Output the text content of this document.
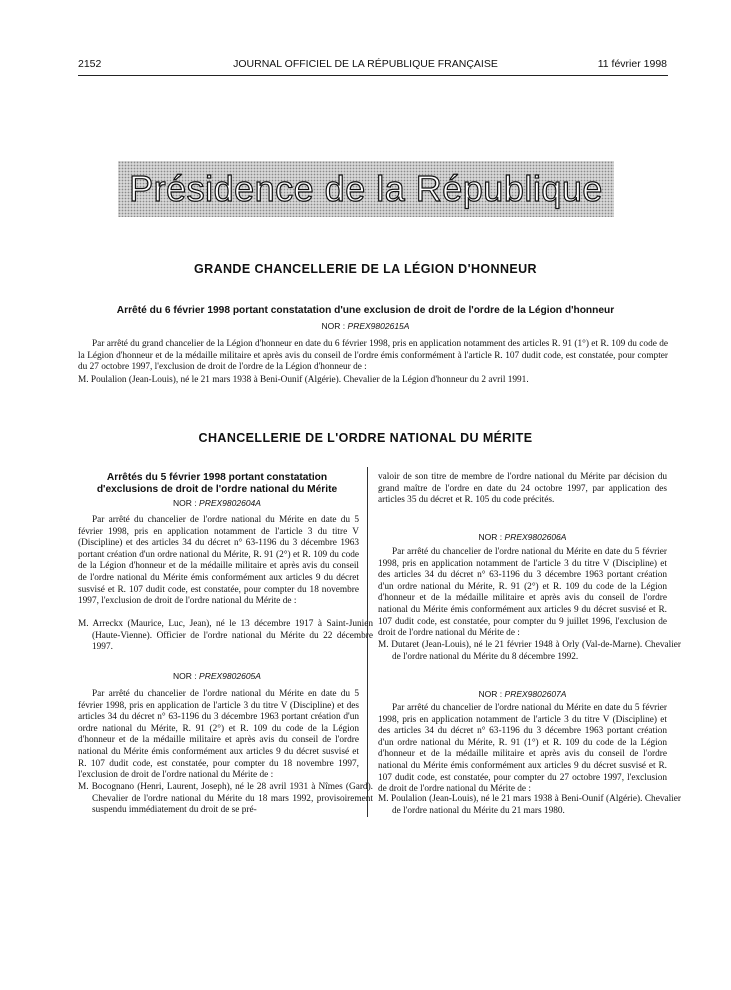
2152	JOURNAL OFFICIEL DE LA RÉPUBLIQUE FRANÇAISE	11 février 1998
Présidence de la République
GRANDE CHANCELLERIE DE LA LÉGION D'HONNEUR
Arrêté du 6 février 1998 portant constatation d'une exclusion de droit de l'ordre de la Légion d'honneur
NOR : PREX9802615A

Par arrêté du grand chancelier de la Légion d'honneur en date du 6 février 1998, pris en application notamment des articles R. 91 (1°) et R. 109 du code de la Légion d'honneur et de la médaille militaire et après avis du conseil de l'ordre émis conformément à l'article R. 107 dudit code, est constatée, pour compter du 27 octobre 1997, l'exclusion de droit de l'ordre de la Légion d'honneur de :

M. Poulalion (Jean-Louis), né le 21 mars 1938 à Beni-Ounif (Algérie). Chevalier de la Légion d'honneur du 2 avril 1991.

CHANCELLERIE DE L'ORDRE NATIONAL DU MÉRITE
Arrêtés du 5 février 1998 portant constatation
d'exclusions de droit de l'ordre national du Mérite
NOR : PREX9802604A

Par arrêté du chancelier de l'ordre national du Mérite en date du 5 février 1998, pris en application notamment de l'article 3 du titre V (Discipline) et des articles 34 du décret n° 63-1196 du 3 décembre 1963 portant création d'un ordre national du Mérite, R. 91 (2°) et R. 109 du code de la Légion d'honneur et de la médaille militaire et après avis du conseil de l'ordre national du Mérite émis conformément aux articles 9 du décret susvisé et R. 107 dudit code, est constatée, pour compter du 18 novembre 1997, l'exclusion de droit de l'ordre national du Mérite de :

M. Arreckx (Maurice, Luc, Jean), né le 13 décembre 1917 à Saint-Junien (Haute-Vienne). Officier de l'ordre national du Mérite du 22 décembre 1997.

NOR : PREX9802605A

Par arrêté du chancelier de l'ordre national du Mérite en date du 5 février 1998, pris en application de l'article 3 du titre V (Discipline) et des articles 34 du décret n° 63-1196 du 3 décembre 1963 portant création d'un ordre national du Mérite, R. 91 (2°) et R. 109 du code de la Légion d'honneur et de la médaille militaire et après avis du conseil de l'ordre national du Mérite émis conformément aux articles 9 du décret susvisé et R. 107 dudit code, est constatée, pour compter du 18 novembre 1997, l'exclusion de droit de l'ordre national du Mérite de :

M. Bocognano (Henri, Laurent, Joseph), né le 28 avril 1931 à Nîmes (Gard). Chevalier de l'ordre national du Mérite du 18 mars 1992, provisoirement suspendu immédiatement du droit de se pré-

valoir de son titre de membre de l'ordre national du Mérite par décision du grand maître de l'ordre en date du 24 octobre 1997, par application des articles 35 du décret et R. 105 du code précités.

NOR : PREX9802606A

Par arrêté du chancelier de l'ordre national du Mérite en date du 5 février 1998, pris en application notamment de l'article 3 du titre V (Discipline) et des articles 34 du décret n° 63-1196 du 3 décembre 1963 portant création d'un ordre national du Mérite, R. 91 (2°) et R. 109 du code de la Légion d'honneur et de la médaille militaire et après avis du conseil de l'ordre national du Mérite émis conformément aux articles 9 du décret susvisé et R. 107 dudit code, est constatée, pour compter du 9 juillet 1996, l'exclusion de droit de l'ordre national du Mérite de :

M. Dutaret (Jean-Louis), né le 21 février 1948 à Orly (Val-de-Marne). Chevalier de l'ordre national du Mérite du 8 décembre 1992.

NOR : PREX9802607A

Par arrêté du chancelier de l'ordre national du Mérite en date du 5 février 1998, pris en application notamment de l'article 3 du titre V (Discipline) et des articles 34 du décret n° 63-1196 du 3 décembre 1963 portant création d'un ordre national du Mérite, R. 91 (1°) et R. 109 du code de la Légion d'honneur et de la médaille militaire et après avis du conseil de l'ordre national du Mérite émis conformément aux articles 9 du décret susvisé et R. 107 dudit code, est constatée, pour compter du 27 octobre 1997, l'exclusion de droit de l'ordre national du Mérite de :

M. Poulalion (Jean-Louis), né le 21 mars 1938 à Beni-Ounif (Algérie). Chevalier de l'ordre national du Mérite du 21 mars 1980.
